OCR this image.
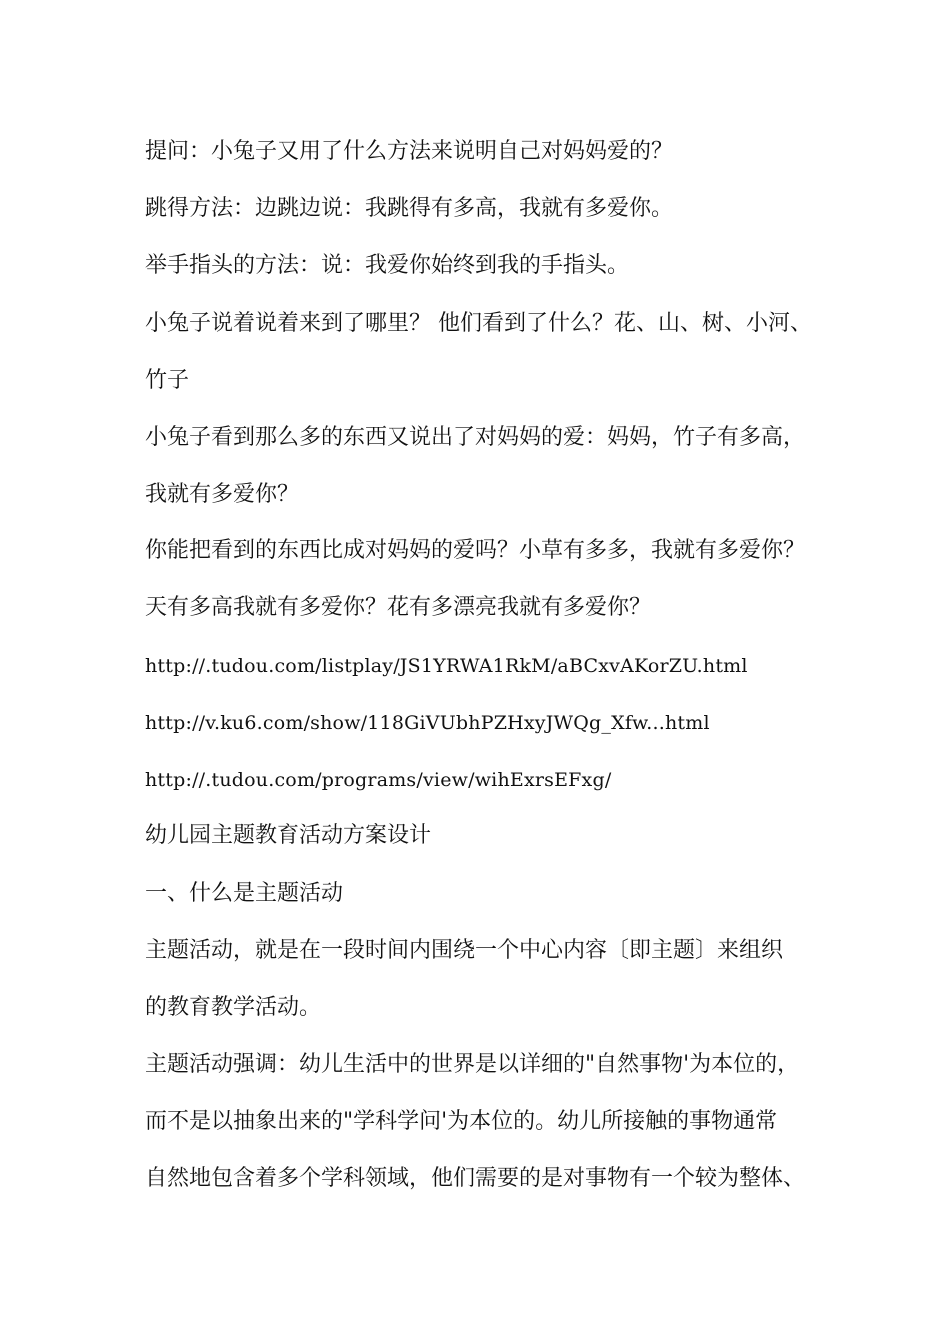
提问：小兔子又用了什么方法来说明自己对妈妈爱的？
跳得方法：边跳边说：我跳得有多高，我就有多爱你。
举手指头的方法：说：我爱你始终到我的手指头。
小兔子说着说着来到了哪里？ 他们看到了什么？花、山、树、小河、
竹子
小兔子看到那么多的东西又说出了对妈妈的爱：妈妈，竹子有多高，
我就有多爱你？
你能把看到的东西比成对妈妈的爱吗？小草有多多，我就有多爱你？
天有多高我就有多爱你？花有多漂亮我就有多爱你？
http://.tudou.com/listplay/JS1YRWA1RkM/aBCxvAKorZU.html
http://v.ku6.com/show/118GiVUbhPZHxyJWQg_Xfw...html
http://.tudou.com/programs/view/wihExrsEFxg/
幼儿园主题教育活动方案设计
一、什么是主题活动
主题活动，就是在一段时间内围绕一个中心内容〔即主题〕来组织
的教育教学活动。
主题活动强调：幼儿生活中的世界是以详细的"自然事物'为本位的，
而不是以抽象出来的"学科学问'为本位的。幼儿所接触的事物通常
自然地包含着多个学科领域，他们需要的是对事物有一个较为整体、
